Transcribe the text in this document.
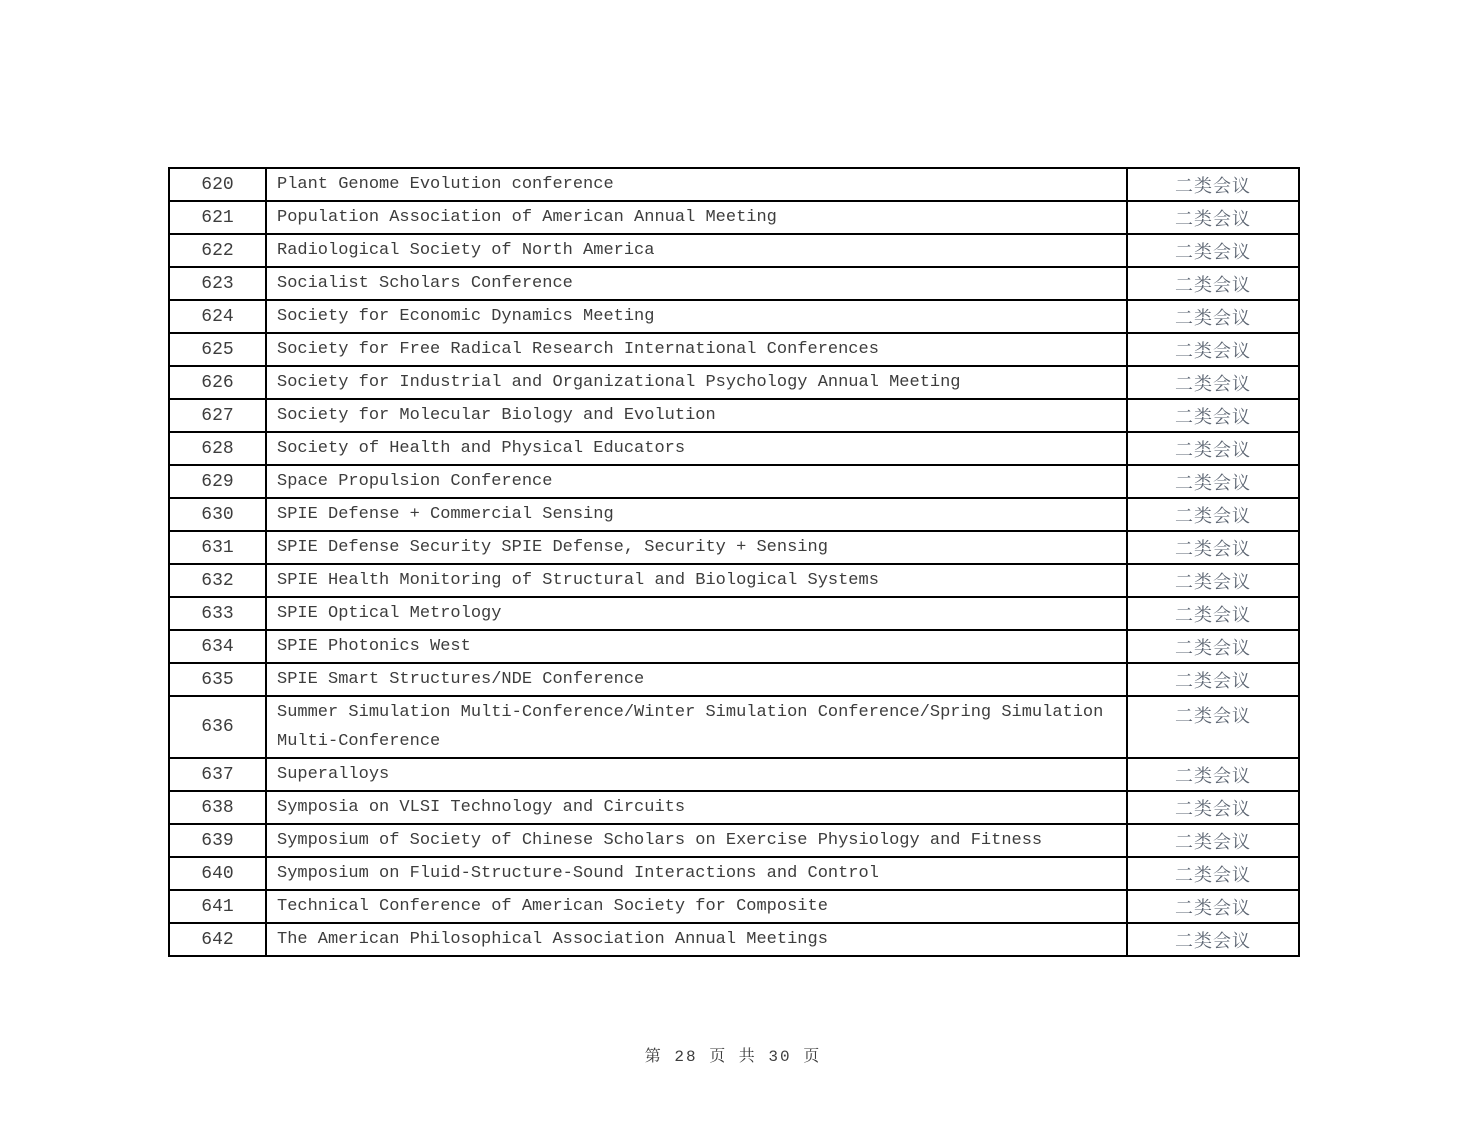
620	Plant Genome Evolution conference	二类会议
621	Population Association of American Annual Meeting	二类会议
622	Radiological Society of North America	二类会议
623	Socialist Scholars Conference	二类会议
624	Society for Economic Dynamics Meeting	二类会议
625	Society for Free Radical Research International Conferences	二类会议
626	Society for Industrial and Organizational Psychology Annual Meeting	二类会议
627	Society for Molecular Biology and Evolution	二类会议
628	Society of Health and Physical Educators	二类会议
629	Space Propulsion Conference	二类会议
630	SPIE Defense + Commercial Sensing	二类会议
631	SPIE Defense Security SPIE Defense, Security + Sensing	二类会议
632	SPIE Health Monitoring of Structural and Biological Systems	二类会议
633	SPIE Optical Metrology	二类会议
634	SPIE Photonics West	二类会议
635	SPIE Smart Structures/NDE Conference	二类会议
636	Summer Simulation Multi-Conference/Winter Simulation Conference/Spring Simulation Multi-Conference	二类会议
637	Superalloys	二类会议
638	Symposia on VLSI Technology and Circuits	二类会议
639	Symposium of Society of Chinese Scholars on Exercise Physiology and Fitness	二类会议
640	Symposium on Fluid-Structure-Sound Interactions and Control	二类会议
641	Technical Conference of American Society for Composite	二类会议
642	The American Philosophical Association Annual Meetings	二类会议
第 28 页 共 30 页
